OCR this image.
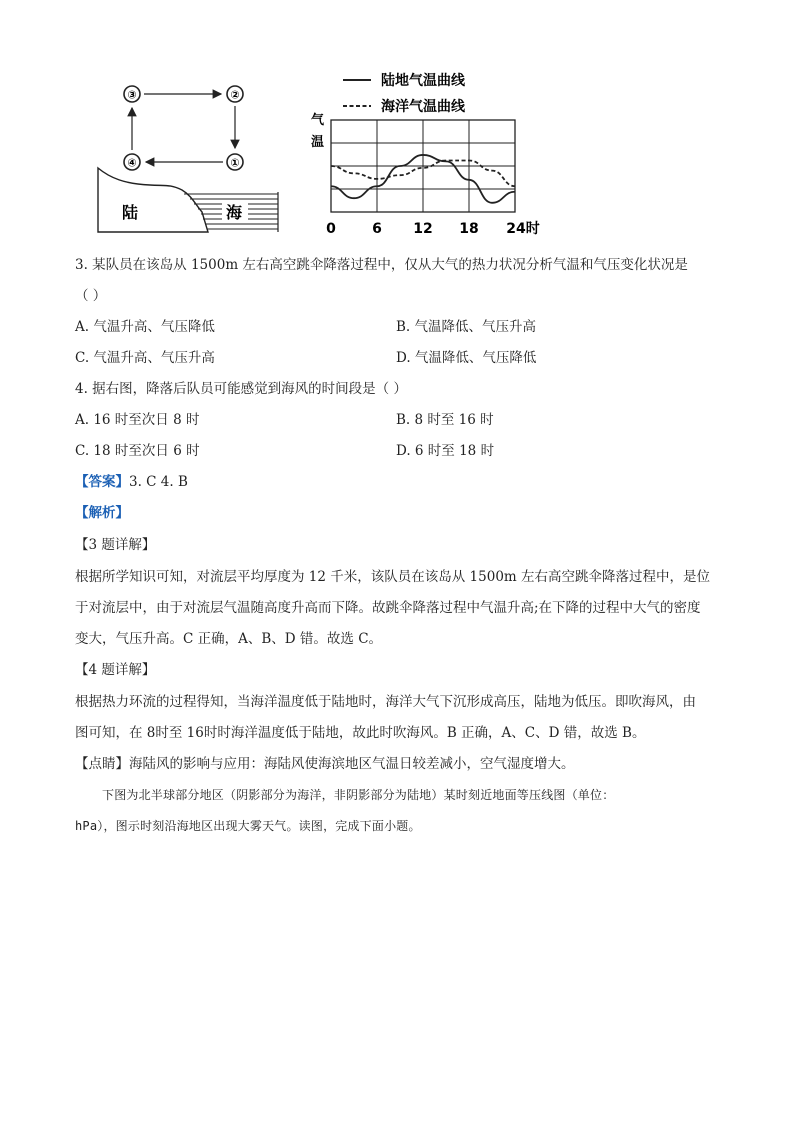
③	②
①
④
陆	海
陆地气温曲线
海洋气温曲线
气
温
0	6 12 18 24时
3. 某队员在该岛从 1500m 左右高空跳伞降落过程中，仅从大气的热力状况分析气温和气压变化状况是
（ ）
A. 气温升高、气压降低	B. 气温降低、气压升高
C. 气温升高、气压升高	D. 气温降低、气压降低
4. 据右图，降落后队员可能感觉到海风的时间段是（ ）
A. 16 时至次日 8 时	B. 8 时至 16 时
C. 18 时至次日 6 时	D. 6 时至 18 时
【答案】3. C 4. B
【解析】
【3 题详解】
根据所学知识可知，对流层平均厚度为 12 千米，该队员在该岛从 1500m 左右高空跳伞降落过程中，是位
于对流层中，由于对流层气温随高度升高而下降。故跳伞降落过程中气温升高;在下降的过程中大气的密度
变大，气压升高。C 正确，A、B、D 错。故选 C。
【4 题详解】
根据热力环流的过程得知，当海洋温度低于陆地时，海洋大气下沉形成高压，陆地为低压。即吹海风，由
图可知，在 8时至 16时时海洋温度低于陆地，故此时吹海风。B 正确，A、C、D 错，故选 B。
【点睛】海陆风的影响与应用：海陆风使海滨地区气温日较差减小，空气湿度增大。
下图为北半球部分地区（阴影部分为海洋，非阴影部分为陆地）某时刻近地面等压线图（单位：
hPa），图示时刻沿海地区出现大雾天气。读图，完成下面小题。
